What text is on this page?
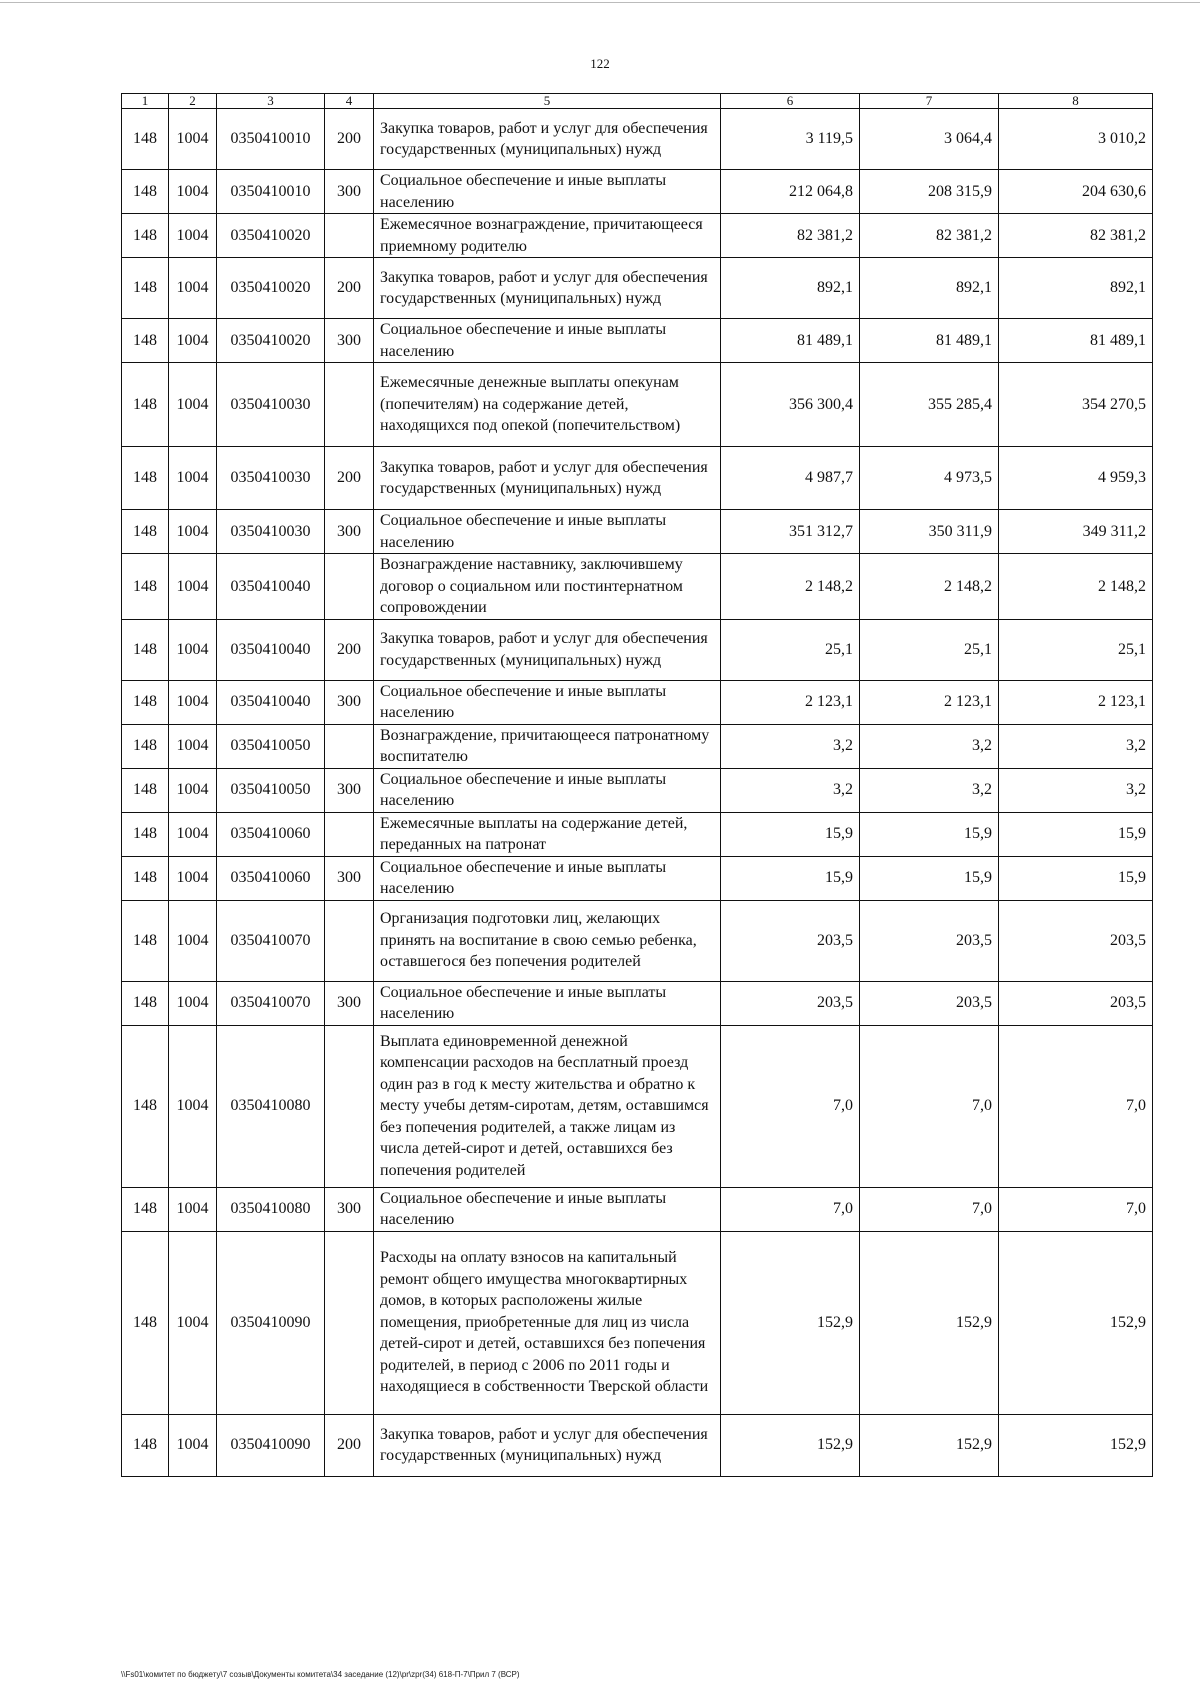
122
1	2	3	4	5	6	7	8
148	1004	0350410010	200	Закупка товаров, работ и услуг для обеспечения государственных (муниципальных) нужд	3 119,5	3 064,4	3 010,2
148	1004	0350410010	300	Социальное обеспечение и иные выплаты населению	212 064,8	208 315,9	204 630,6
148	1004	0350410020		Ежемесячное вознаграждение, причитающееся приемному родителю	82 381,2	82 381,2	82 381,2
148	1004	0350410020	200	Закупка товаров, работ и услуг для обеспечения государственных (муниципальных) нужд	892,1	892,1	892,1
148	1004	0350410020	300	Социальное обеспечение и иные выплаты населению	81 489,1	81 489,1	81 489,1
148	1004	0350410030		Ежемесячные денежные выплаты опекунам (попечителям) на содержание детей, находящихся под опекой (попечительством)	356 300,4	355 285,4	354 270,5
148	1004	0350410030	200	Закупка товаров, работ и услуг для обеспечения государственных (муниципальных) нужд	4 987,7	4 973,5	4 959,3
148	1004	0350410030	300	Социальное обеспечение и иные выплаты населению	351 312,7	350 311,9	349 311,2
148	1004	0350410040		Вознаграждение наставнику, заключившему договор о социальном или постинтернатном сопровождении	2 148,2	2 148,2	2 148,2
148	1004	0350410040	200	Закупка товаров, работ и услуг для обеспечения государственных (муниципальных) нужд	25,1	25,1	25,1
148	1004	0350410040	300	Социальное обеспечение и иные выплаты населению	2 123,1	2 123,1	2 123,1
148	1004	0350410050		Вознаграждение, причитающееся патронатному воспитателю	3,2	3,2	3,2
148	1004	0350410050	300	Социальное обеспечение и иные выплаты населению	3,2	3,2	3,2
148	1004	0350410060		Ежемесячные выплаты на содержание детей, переданных на патронат	15,9	15,9	15,9
148	1004	0350410060	300	Социальное обеспечение и иные выплаты населению	15,9	15,9	15,9
148	1004	0350410070		Организация подготовки лиц, желающих принять на воспитание в свою семью ребенка, оставшегося без попечения родителей	203,5	203,5	203,5
148	1004	0350410070	300	Социальное обеспечение и иные выплаты населению	203,5	203,5	203,5
148	1004	0350410080		Выплата единовременной денежной компенсации расходов на бесплатный проезд один раз в год к месту жительства и обратно к месту учебы детям-сиротам, детям, оставшимся без попечения родителей, а также лицам из числа детей-сирот и детей, оставшихся без попечения родителей	7,0	7,0	7,0
148	1004	0350410080	300	Социальное обеспечение и иные выплаты населению	7,0	7,0	7,0
148	1004	0350410090		Расходы на оплату взносов на капитальный ремонт общего имущества многоквартирных домов, в которых расположены жилые помещения, приобретенные для лиц из числа детей-сирот и детей, оставшихся без попечения родителей, в период с 2006 по 2011 годы и находящиеся в собственности Тверской области	152,9	152,9	152,9
148	1004	0350410090	200	Закупка товаров, работ и услуг для обеспечения государственных (муниципальных) нужд	152,9	152,9	152,9
\\Fs01\комитет по бюджету\7 созыв\Документы комитета\34 заседание (12)\pr\zpr(34) 618-П-7\Прил 7 (ВСР)
